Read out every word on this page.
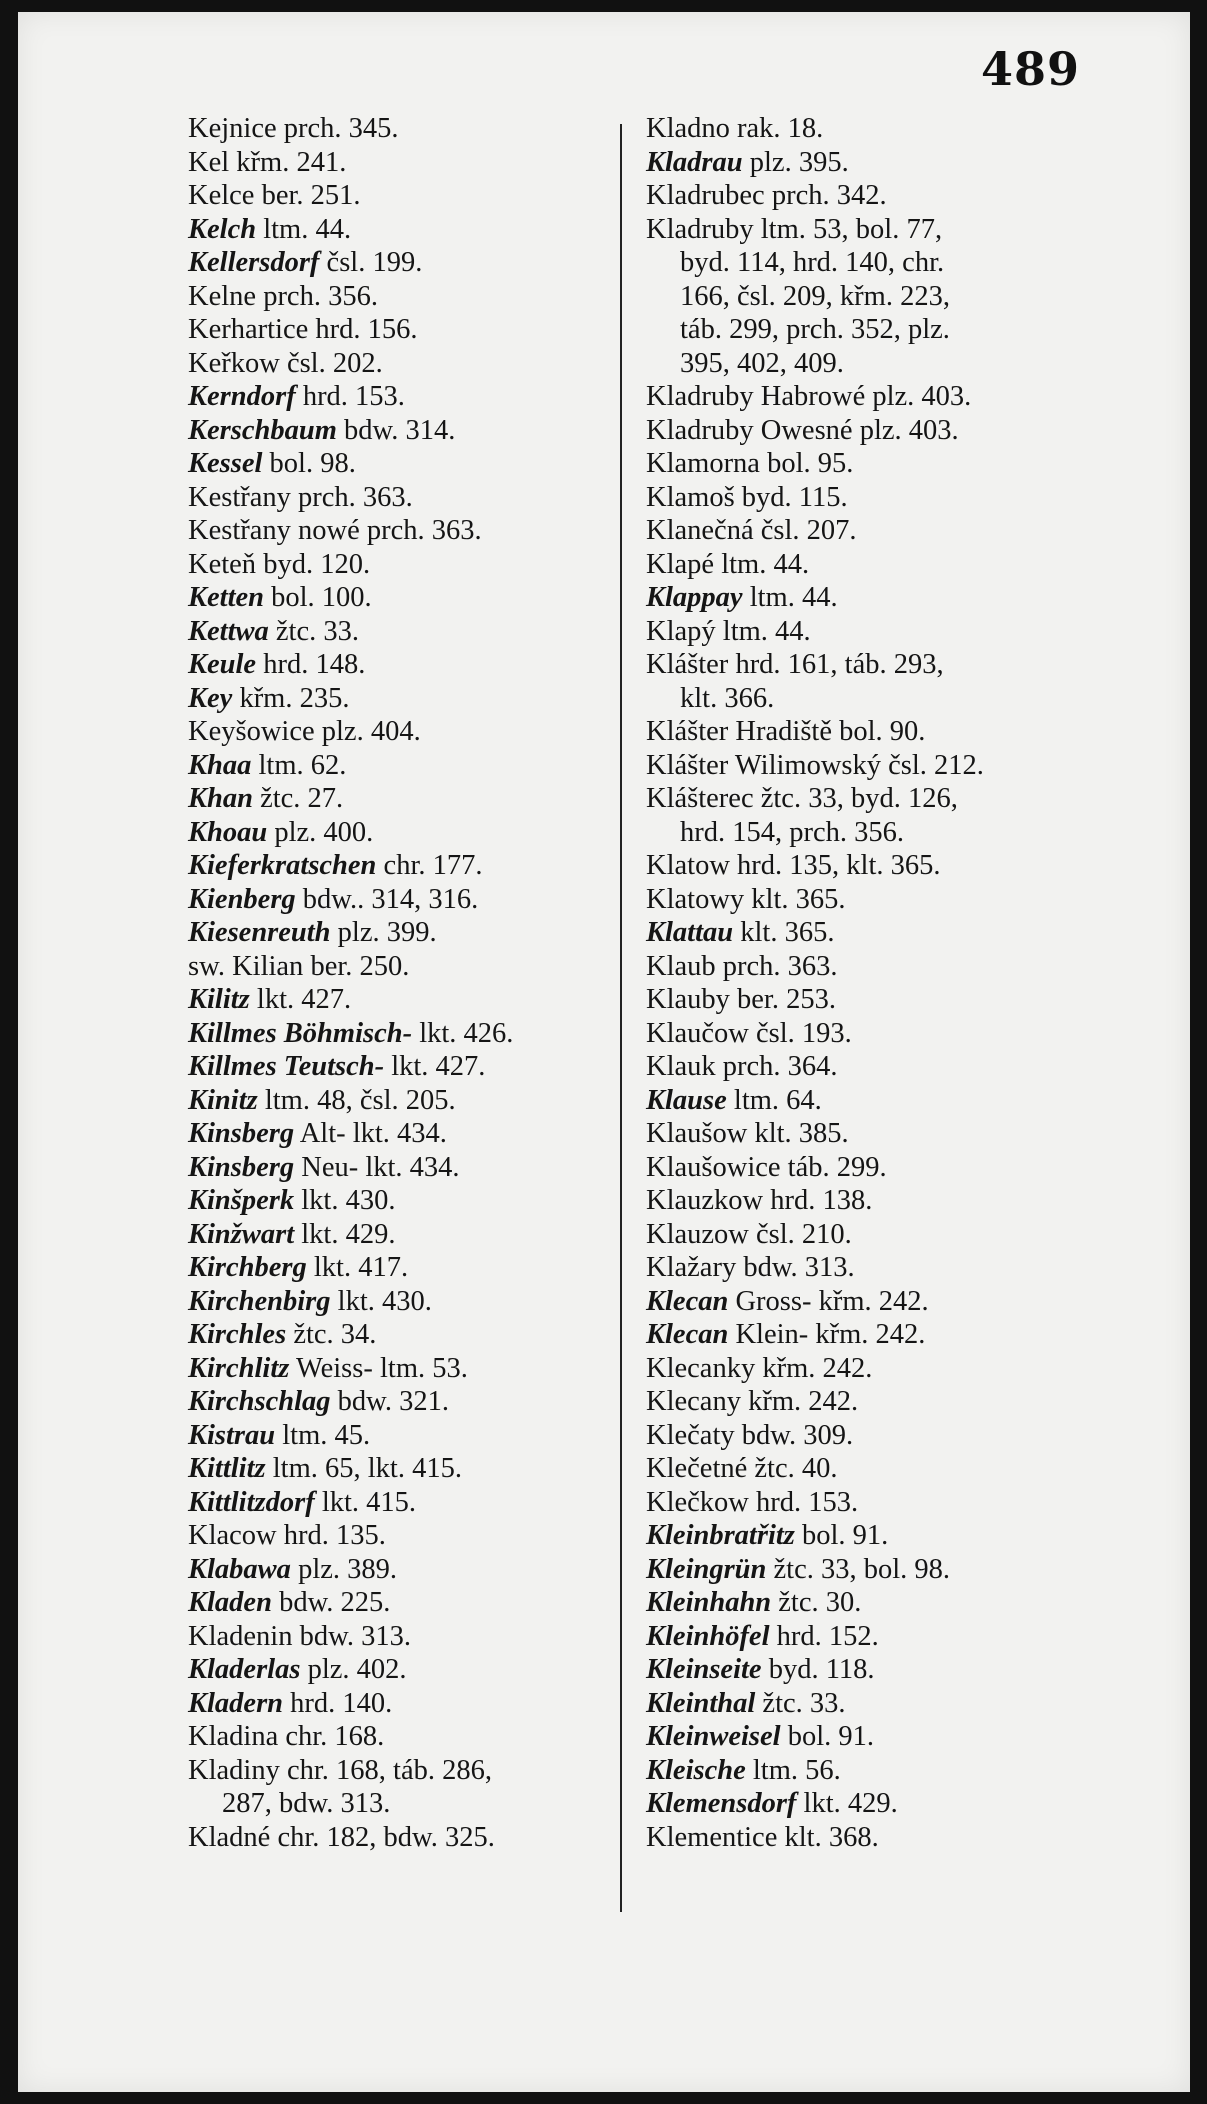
489
Kejnice prch. 345.
Kel křm. 241.
Kelce ber. 251.
Kelch ltm. 44.
Kellersdorf čsl. 199.
Kelne prch. 356.
Kerhartice hrd. 156.
Keřkow čsl. 202.
Kerndorf hrd. 153.
Kerschbaum bdw. 314.
Kessel bol. 98.
Kestřany prch. 363.
Kestřany nowé prch. 363.
Keteň byd. 120.
Ketten bol. 100.
Kettwa žtc. 33.
Keule hrd. 148.
Key křm. 235.
Keyšowice plz. 404.
Khaa ltm. 62.
Khan žtc. 27.
Khoau plz. 400.
Kieferkratschen chr. 177.
Kienberg bdw.. 314, 316.
Kiesenreuth plz. 399.
sw. Kilian ber. 250.
Kilitz lkt. 427.
Killmes Böhmisch- lkt. 426.
Killmes Teutsch- lkt. 427.
Kinitz ltm. 48, čsl. 205.
Kinsberg Alt- lkt. 434.
Kinsberg Neu- lkt. 434.
Kinšperk lkt. 430.
Kinžwart lkt. 429.
Kirchberg lkt. 417.
Kirchenbirg lkt. 430.
Kirchles žtc. 34.
Kirchlitz Weiss- ltm. 53.
Kirchschlag bdw. 321.
Kistrau ltm. 45.
Kittlitz ltm. 65, lkt. 415.
Kittlitzdorf lkt. 415.
Klacow hrd. 135.
Klabawa plz. 389.
Kladen bdw. 225.
Kladenin bdw. 313.
Kladerlas plz. 402.
Kladern hrd. 140.
Kladina chr. 168.
Kladiny chr. 168, táb. 286,
287, bdw. 313.
Kladné chr. 182, bdw. 325.
Kladno rak. 18.
Kladrau plz. 395.
Kladrubec prch. 342.
Kladruby ltm. 53, bol. 77,
byd. 114, hrd. 140, chr.
166, čsl. 209, křm. 223,
táb. 299, prch. 352, plz.
395, 402, 409.
Kladruby Habrowé plz. 403.
Kladruby Owesné plz. 403.
Klamorna bol. 95.
Klamoš byd. 115.
Klanečná čsl. 207.
Klapé ltm. 44.
Klappay ltm. 44.
Klapý ltm. 44.
Klášter hrd. 161, táb. 293,
klt. 366.
Klášter Hradiště bol. 90.
Klášter Wilimowský čsl. 212.
Klášterec žtc. 33, byd. 126,
hrd. 154, prch. 356.
Klatow hrd. 135, klt. 365.
Klatowy klt. 365.
Klattau klt. 365.
Klaub prch. 363.
Klauby ber. 253.
Klaučow čsl. 193.
Klauk prch. 364.
Klause ltm. 64.
Klaušow klt. 385.
Klaušowice táb. 299.
Klauzkow hrd. 138.
Klauzow čsl. 210.
Klažary bdw. 313.
Klecan Gross- křm. 242.
Klecan Klein- křm. 242.
Klecanky křm. 242.
Klecany křm. 242.
Klečaty bdw. 309.
Klečetné žtc. 40.
Klečkow hrd. 153.
Kleinbratřitz bol. 91.
Kleingrün žtc. 33, bol. 98.
Kleinhahn žtc. 30.
Kleinhöfel hrd. 152.
Kleinseite byd. 118.
Kleinthal žtc. 33.
Kleinweisel bol. 91.
Kleische ltm. 56.
Klemensdorf lkt. 429.
Klementice klt. 368.
